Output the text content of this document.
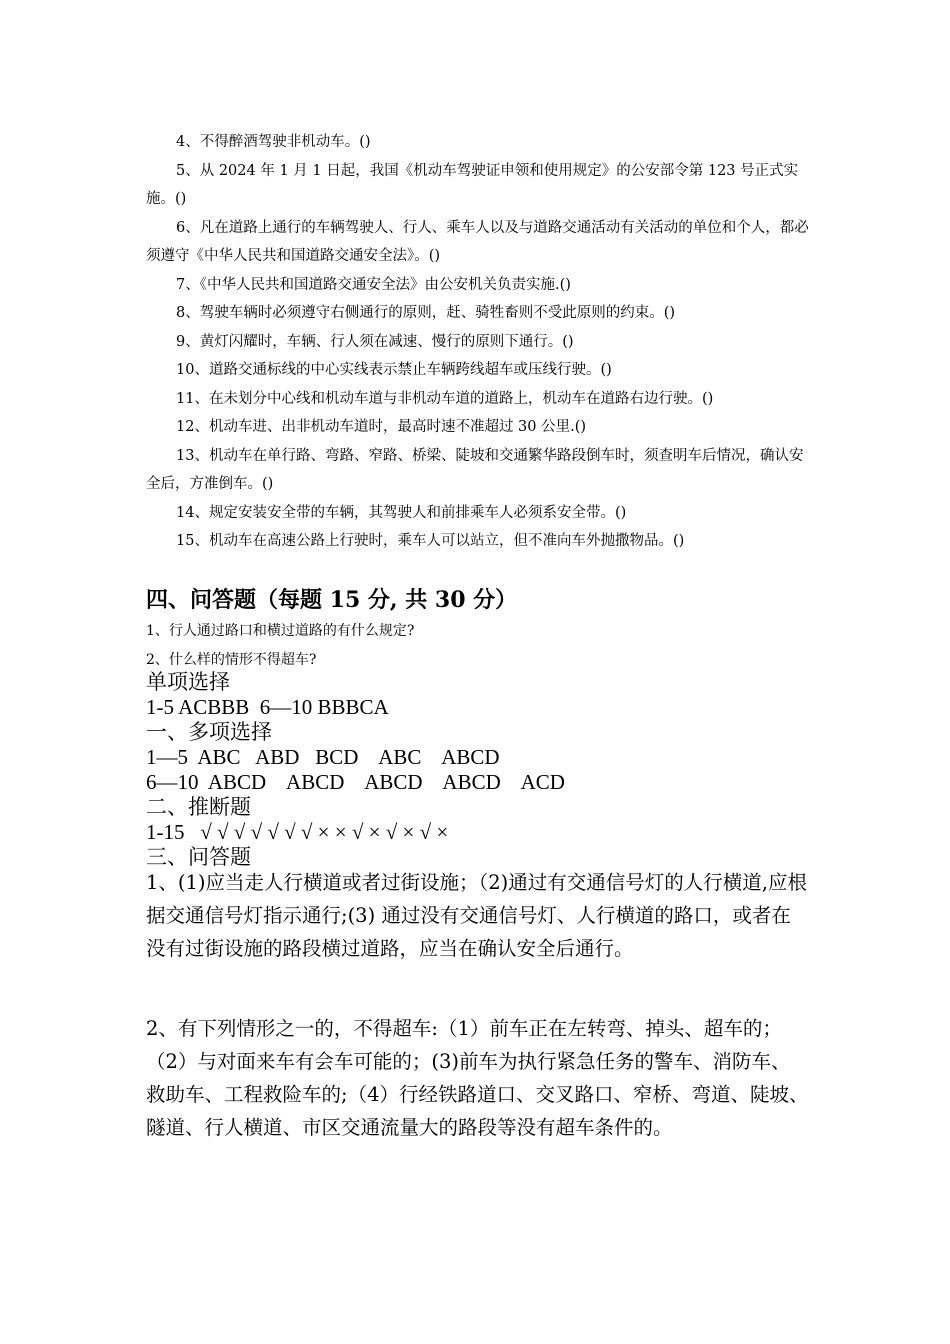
4、不得醉酒驾驶非机动车。()

5、从 2024 年 1 月 1 日起，我国《机动车驾驶证申领和使用规定》的公安部令第 123 号正式实施。()

6、凡在道路上通行的车辆驾驶人、行人、乘车人以及与道路交通活动有关活动的单位和个人，都必须遵守《中华人民共和国道路交通安全法》。()

7、《中华人民共和国道路交通安全法》由公安机关负责实施.()

8、驾驶车辆时必须遵守右侧通行的原则，赶、骑牲畜则不受此原则的约束。()

9、黄灯闪耀时，车辆、行人须在减速、慢行的原则下通行。()

10、道路交通标线的中心实线表示禁止车辆跨线超车或压线行驶。()

11、在未划分中心线和机动车道与非机动车道的道路上，机动车在道路右边行驶。()

12、机动车进、出非机动车道时，最高时速不准超过 30 公里.()

13、机动车在单行路、弯路、窄路、桥梁、陡坡和交通繁华路段倒车时，须查明车后情况，确认安全后，方准倒车。()

14、规定安装安全带的车辆，其驾驶人和前排乘车人必须系安全带。()

15、机动车在高速公路上行驶时，乘车人可以站立，但不准向车外抛撒物品。()

四、问答题（每题 15 分, 共 30 分）

1、行人通过路口和横过道路的有什么规定?

2、什么样的情形不得超车?

单项选择

1-5 ACBBB  6—10 BBBCA

一、多项选择

1—5  ABC   ABD   BCD    ABC    ABCD

6—10  ABCD    ABCD    ABCD    ABCD    ACD

二、推断题

1-15   √ √ √ √ √ √ √ × × √ × √ × √ ×

三、问答题

1、(1)应当走人行横道或者过街设施；（2)通过有交通信号灯的人行横道,应根据交通信号灯指示通行;(3) 通过没有交通信号灯、人行横道的路口，或者在没有过街设施的路段横过道路，应当在确认安全后通行。

2、有下列情形之一的，不得超车:（1）前车正在左转弯、掉头、超车的；（2）与对面来车有会车可能的；(3)前车为执行紧急任务的警车、消防车、救助车、工程救险车的;（4）行经铁路道口、交叉路口、窄桥、弯道、陡坡、隧道、行人横道、市区交通流量大的路段等没有超车条件的。
